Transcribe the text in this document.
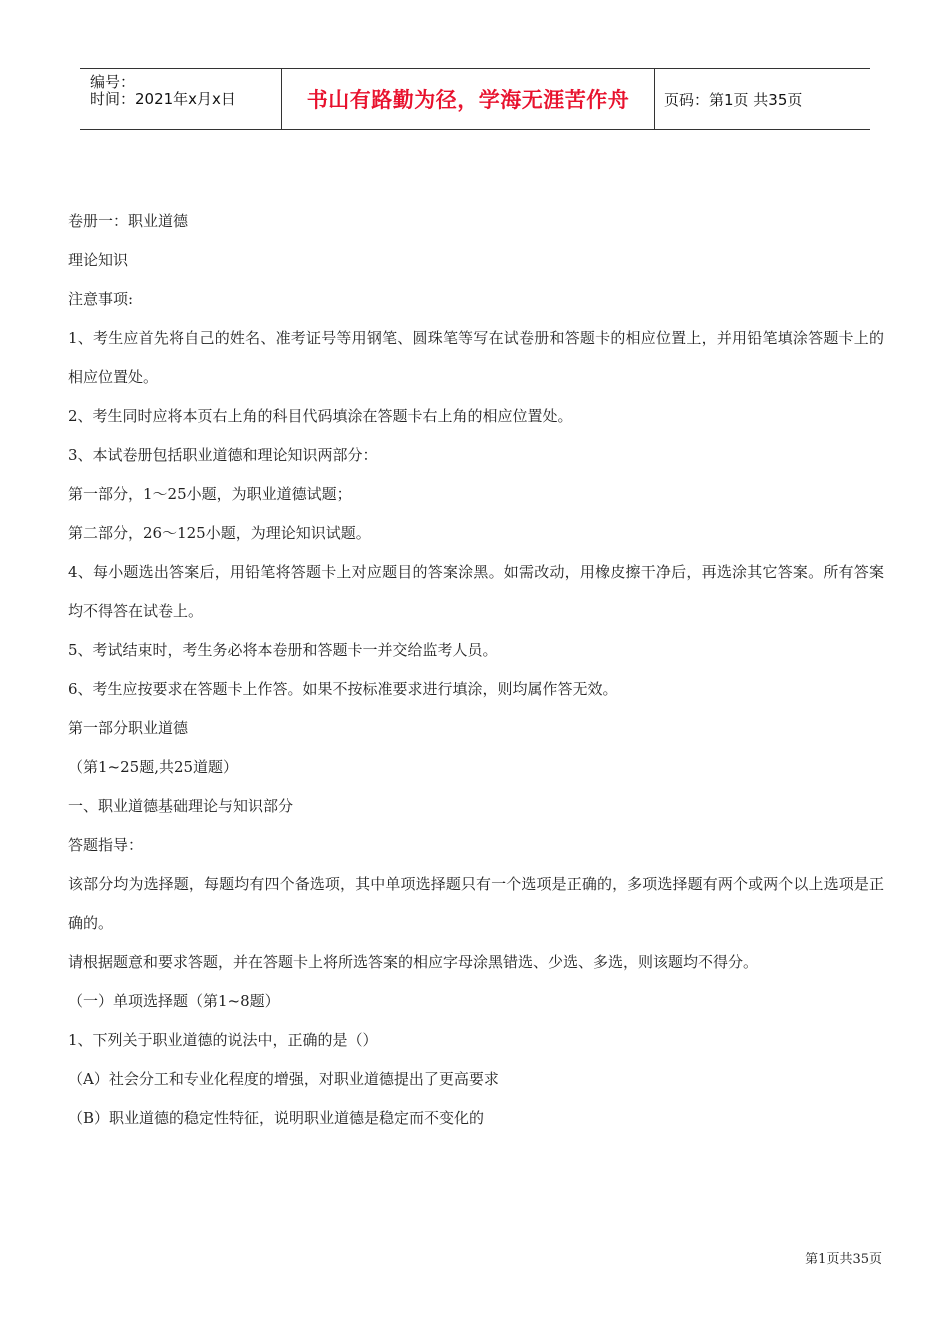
编号：
时间：2021年x月x日	书山有路勤为径，学海无涯苦作舟 页码：第1页 共35页
卷册一：职业道德
理论知识
注意事项:
1、考生应首先将自己的姓名、准考证号等用钢笔、圆珠笔等写在试卷册和答题卡的相应位置上，并用铅笔填涂答题卡上的相应位置处。
2、考生同时应将本页右上角的科目代码填涂在答题卡右上角的相应位置处。
3、本试卷册包括职业道德和理论知识两部分：
第一部分，1～25小题，为职业道德试题；
第二部分，26～125小题，为理论知识试题。
4、每小题选出答案后，用铅笔将答题卡上对应题目的答案涂黑。如需改动，用橡皮擦干净后，再选涂其它答案。所有答案均不得答在试卷上。
5、考试结束时，考生务必将本卷册和答题卡一并交给监考人员。
6、考生应按要求在答题卡上作答。如果不按标准要求进行填涂，则均属作答无效。
第一部分职业道德
（第1~25题,共25道题）
一、职业道德基础理论与知识部分
答题指导：
该部分均为选择题，每题均有四个备选项，其中单项选择题只有一个选项是正确的，多项选择题有两个或两个以上选项是正确的。
请根据题意和要求答题，并在答题卡上将所选答案的相应字母涂黑错选、少选、多选，则该题均不得分。
（一）单项选择题（第1~8题）
1、下列关于职业道德的说法中，正确的是（）
（A）社会分工和专业化程度的增强，对职业道德提出了更高要求
（B）职业道德的稳定性特征，说明职业道德是稳定而不变化的
第1页共35页
